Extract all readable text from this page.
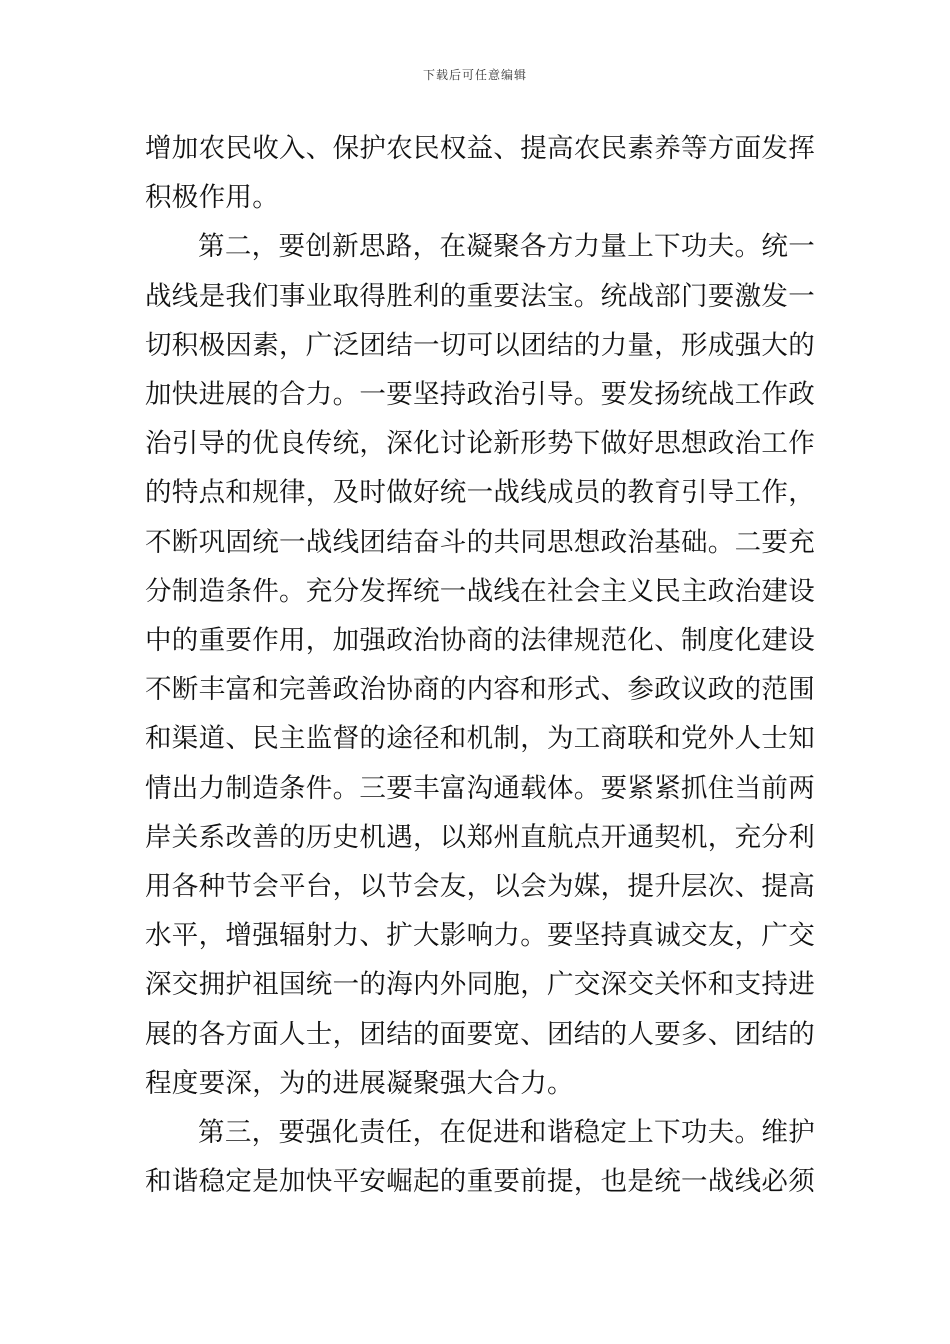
下载后可任意编辑

增加农民收入、保护农民权益、提高农民素养等方面发挥积极作用。

第二，要创新思路，在凝聚各方力量上下功夫。统一战线是我们事业取得胜利的重要法宝。统战部门要激发一切积极因素，广泛团结一切可以团结的力量，形成强大的加快进展的合力。一要坚持政治引导。要发扬统战工作政治引导的优良传统，深化讨论新形势下做好思想政治工作的特点和规律，及时做好统一战线成员的教育引导工作，不断巩固统一战线团结奋斗的共同思想政治基础。二要充分制造条件。充分发挥统一战线在社会主义民主政治建设中的重要作用，加强政治协商的法律规范化、制度化建设不断丰富和完善政治协商的内容和形式、参政议政的范围和渠道、民主监督的途径和机制，为工商联和党外人士知情出力制造条件。三要丰富沟通载体。要紧紧抓住当前两岸关系改善的历史机遇，以郑州直航点开通契机，充分利用各种节会平台，以节会友，以会为媒，提升层次、提高水平，增强辐射力、扩大影响力。要坚持真诚交友，广交深交拥护祖国统一的海内外同胞，广交深交关怀和支持进展的各方面人士，团结的面要宽、团结的人要多、团结的程度要深，为的进展凝聚强大合力。

第三，要强化责任，在促进和谐稳定上下功夫。维护和谐稳定是加快平安崛起的重要前提，也是统一战线必须
